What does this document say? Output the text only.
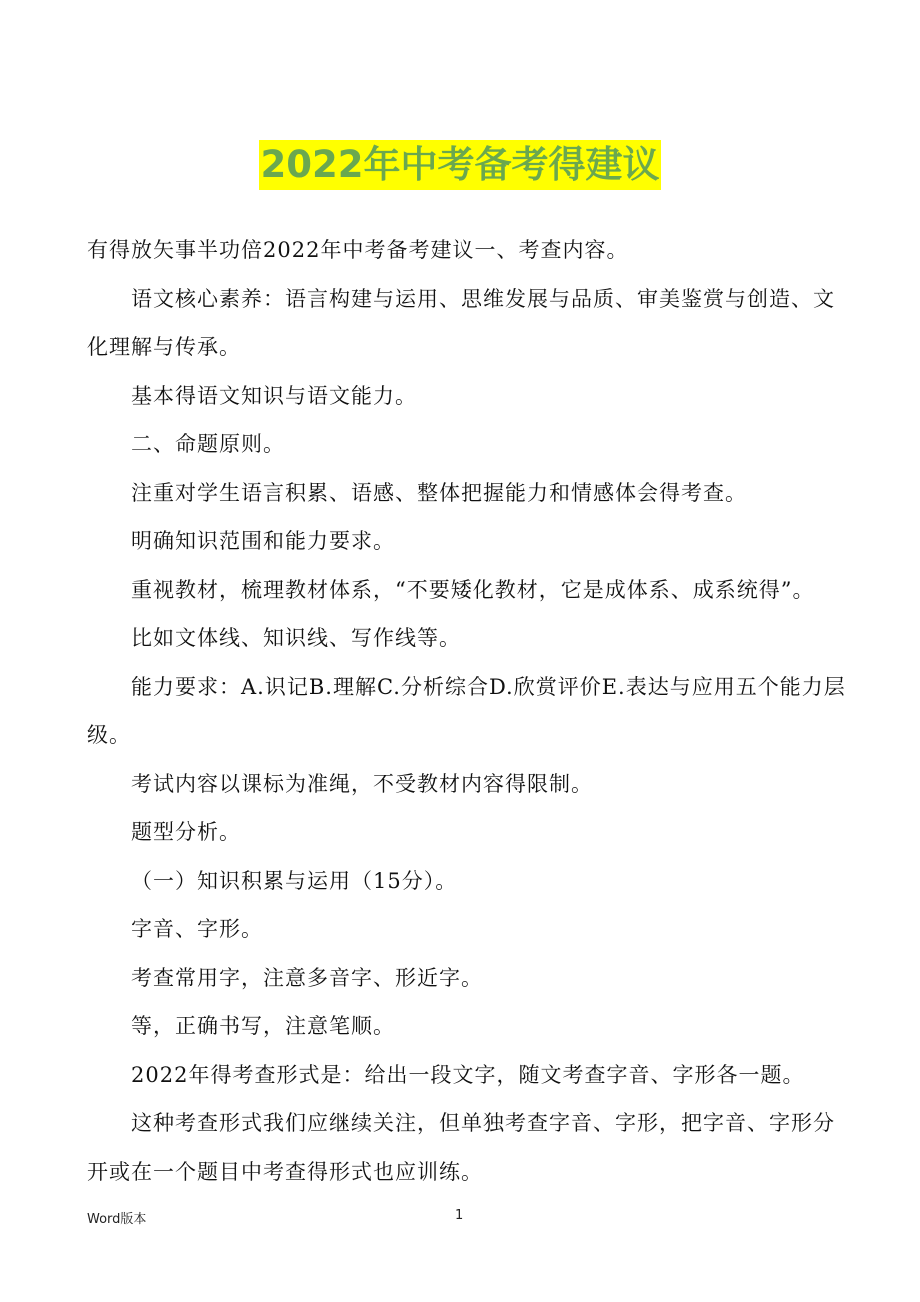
2022年中考备考得建议

有得放矢事半功倍2022年中考备考建议一、考查内容。

语文核心素养：语言构建与运用、思维发展与品质、审美鉴赏与创造、文化理解与传承。

基本得语文知识与语文能力。

二、命题原则。

注重对学生语言积累、语感、整体把握能力和情感体会得考查。

明确知识范围和能力要求。

重视教材，梳理教材体系，“不要矮化教材，它是成体系、成系统得”。

比如文体线、知识线、写作线等。

能力要求：A.识记B.理解C.分析综合D.欣赏评价E.表达与应用五个能力层级。

考试内容以课标为准绳，不受教材内容得限制。

题型分析。

（一）知识积累与运用（15分）。

字音、字形。

考查常用字，注意多音字、形近字。

等，正确书写，注意笔顺。

2022年得考查形式是：给出一段文字，随文考查字音、字形各一题。

这种考查形式我们应继续关注，但单独考查字音、字形，把字音、字形分开或在一个题目中考查得形式也应训练。

Word版本	1
